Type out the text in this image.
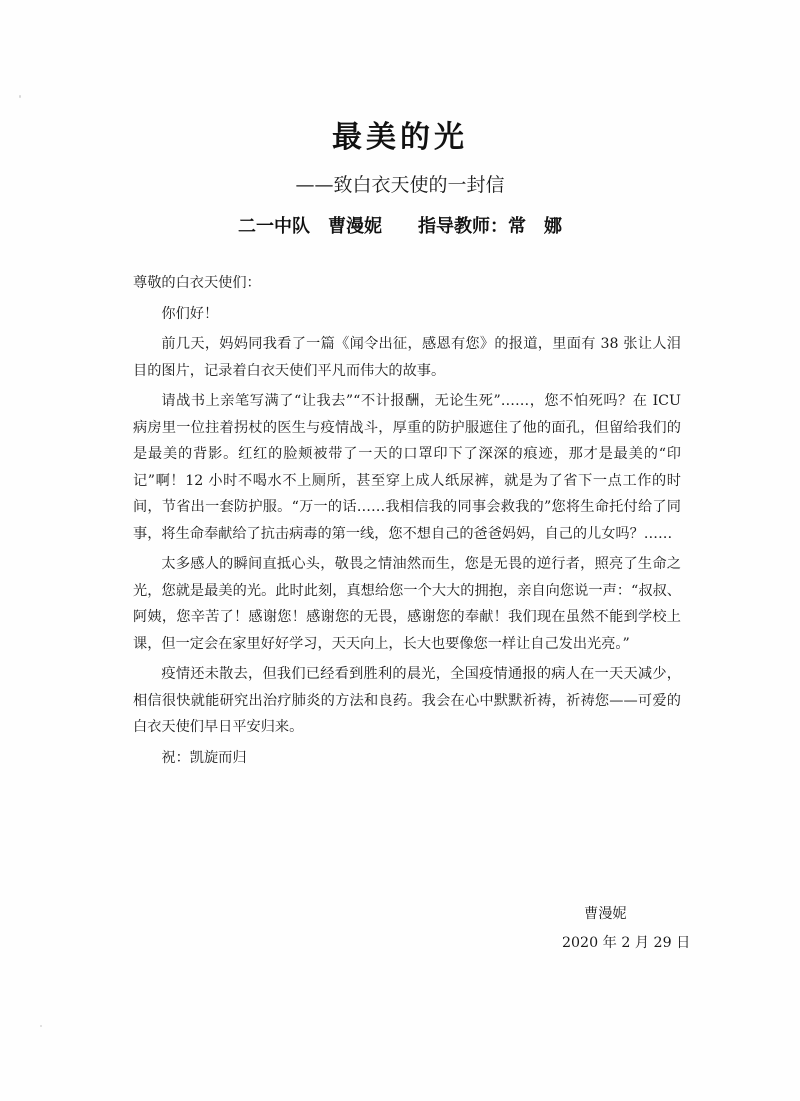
最美的光
——致白衣天使的一封信
二一中队　曹漫妮　　指导教师：常　娜

尊敬的白衣天使们：

你们好！

前几天，妈妈同我看了一篇《闻令出征，感恩有您》的报道，里面有 38 张让人泪目的图片，记录着白衣天使们平凡而伟大的故事。

请战书上亲笔写满了“让我去”“不计报酬，无论生死”……，您不怕死吗？在 ICU 病房里一位拄着拐杖的医生与疫情战斗，厚重的防护服遮住了他的面孔，但留给我们的是最美的背影。红红的脸颊被带了一天的口罩印下了深深的痕迹，那才是最美的“印记”啊！12 小时不喝水不上厕所，甚至穿上成人纸尿裤，就是为了省下一点工作的时间，节省出一套防护服。“万一的话……我相信我的同事会救我的”您将生命托付给了同事，将生命奉献给了抗击病毒的第一线，您不想自己的爸爸妈妈，自己的儿女吗？……

太多感人的瞬间直抵心头，敬畏之情油然而生，您是无畏的逆行者，照亮了生命之光，您就是最美的光。此时此刻，真想给您一个大大的拥抱，亲自向您说一声：“叔叔、阿姨，您辛苦了！感谢您！感谢您的无畏，感谢您的奉献！我们现在虽然不能到学校上课，但一定会在家里好好学习，天天向上，长大也要像您一样让自己发出光亮。”

疫情还未散去，但我们已经看到胜利的晨光，全国疫情通报的病人在一天天减少，相信很快就能研究出治疗肺炎的方法和良药。我会在心中默默祈祷，祈祷您——可爱的白衣天使们早日平安归来。

祝：凯旋而归

曹漫妮
2020 年 2 月 29 日
